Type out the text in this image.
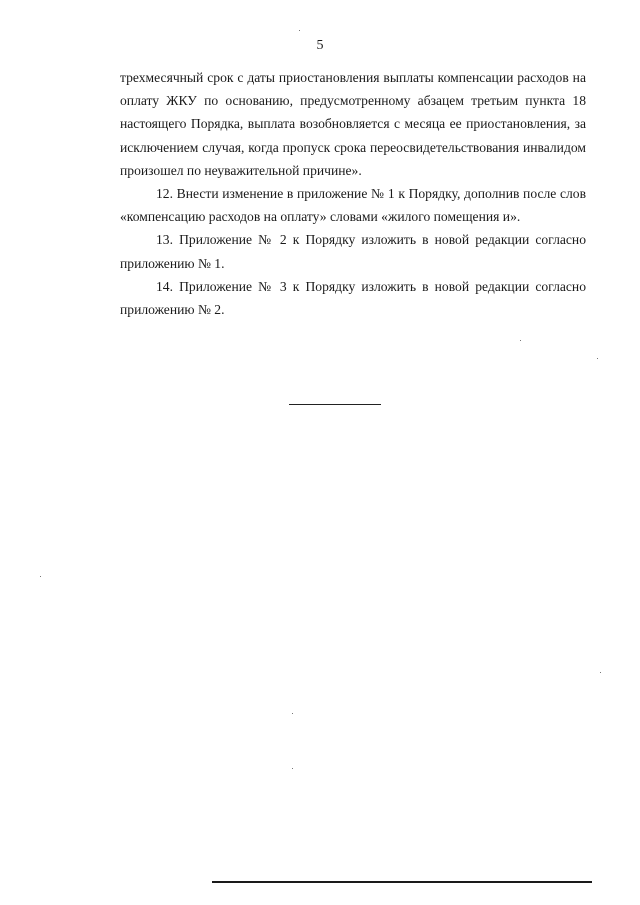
5

трехмесячный срок с даты приостановления выплаты компенсации расходов на оплату ЖКУ по основанию, предусмотренному абзацем третьим пункта 18 настоящего Порядка, выплата возобновляется с месяца ее приостановления, за исключением случая, когда пропуск срока переосвидетельствования инвалидом произошел по неуважительной причине».

12. Внести изменение в приложение № 1 к Порядку, дополнив после слов «компенсацию расходов на оплату» словами «жилого помещения и».

13. Приложение № 2 к Порядку изложить в новой редакции согласно приложению № 1.

14. Приложение № 3 к Порядку изложить в новой редакции согласно приложению № 2.
